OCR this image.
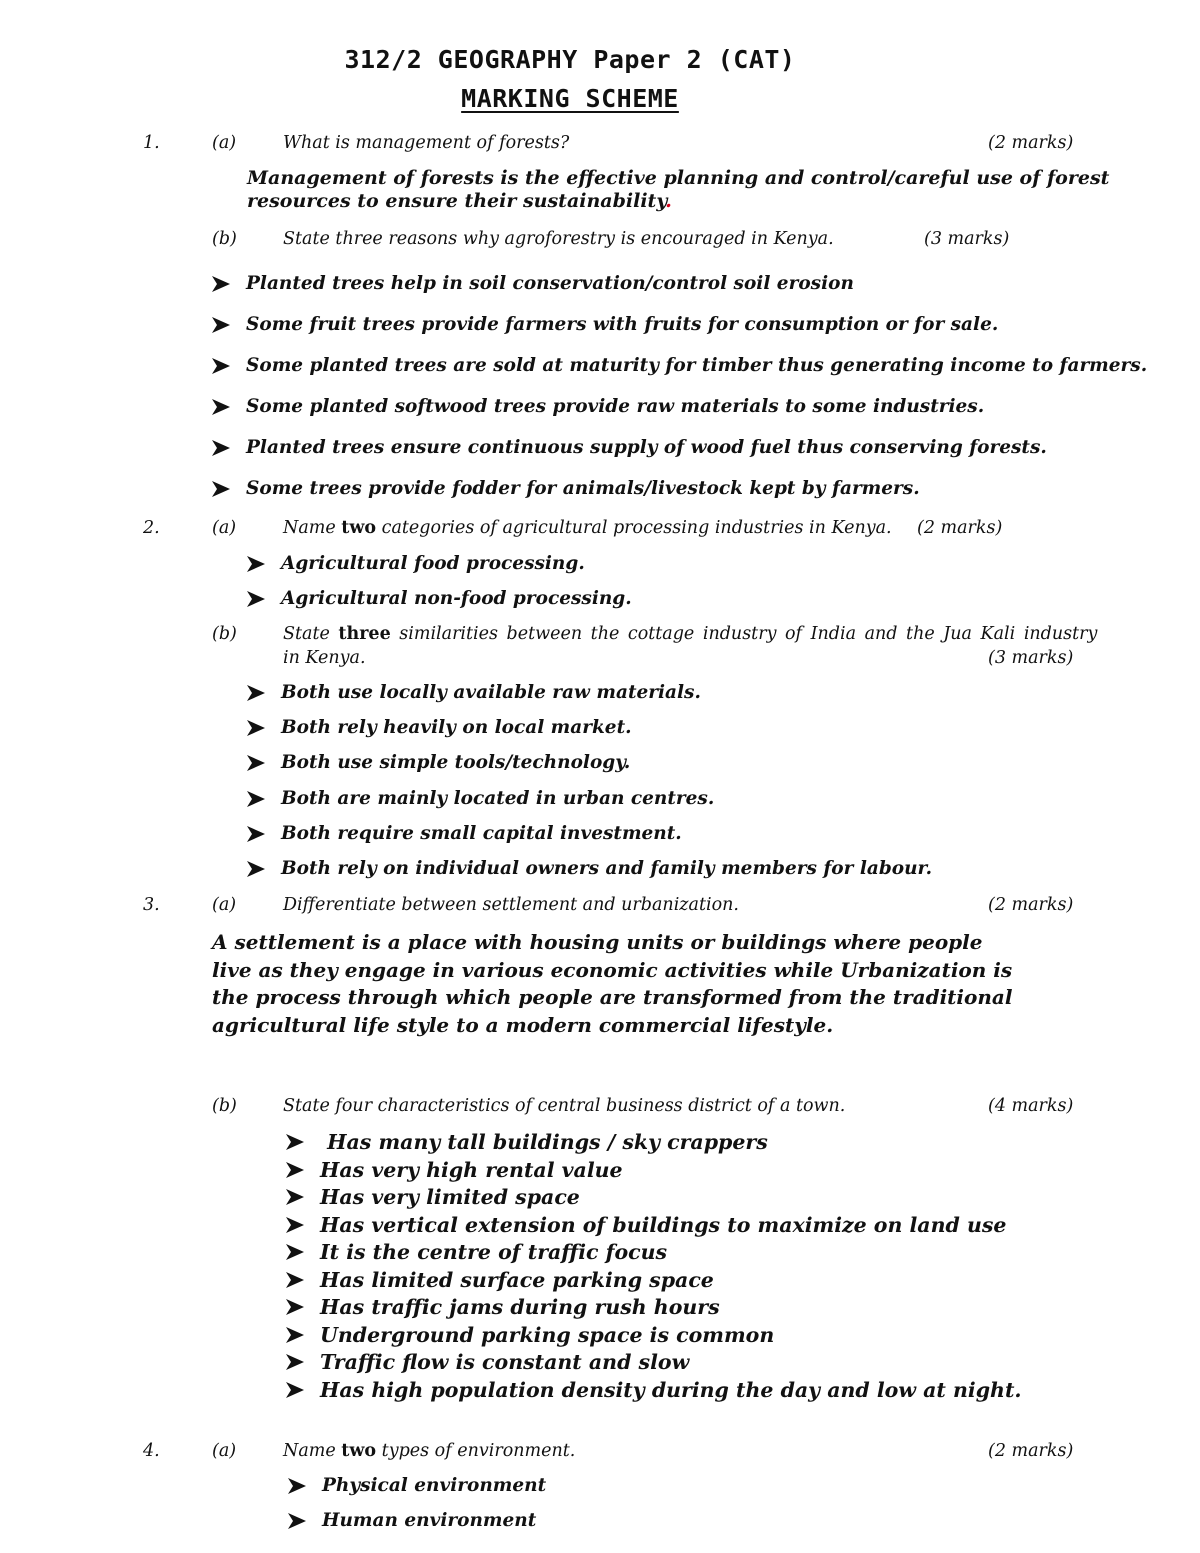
312/2 GEOGRAPHY Paper 2 (CAT)
MARKING SCHEME
1.	(a)	What is management of forests?	(2 marks)
Management of forests is the effective planning and control/careful use of forest resources to ensure their sustainability.
(b)	State three reasons why agroforestry is encouraged in Kenya.	(3 marks)
Planted trees help in soil conservation/control soil erosion
Some fruit trees provide farmers with fruits for consumption or for sale.
Some planted trees are sold at maturity for timber thus generating income to farmers.
Some planted softwood trees provide raw materials to some industries.
Planted trees ensure continuous supply of wood fuel thus conserving forests.
Some trees provide fodder for animals/livestock kept by farmers.
2.	(a)	Name two categories of agricultural processing industries in Kenya. (2 marks)
Agricultural food processing.
Agricultural non-food processing.
(b)	State three similarities between the cottage industry of India and the Jua Kali industry
in Kenya.	(3 marks)
Both use locally available raw materials.
Both rely heavily on local market.
Both use simple tools/technology.
Both are mainly located in urban centres.
Both require small capital investment.
Both rely on individual owners and family members for labour.
3.	(a)	Differentiate between settlement and urbanization.	(2 marks)
A settlement is a place with housing units or buildings where people live as they engage in various economic activities while Urbanization is the process through which people are transformed from the traditional agricultural life style to a modern commercial lifestyle.
(b)	State four characteristics of central business district of a town.	(4 marks)
Has many tall buildings / sky crappers
Has very high rental value
Has very limited space
Has vertical extension of buildings to maximize on land use
It is the centre of traffic focus
Has limited surface parking space
Has traffic jams during rush hours
Underground parking space is common
Traffic flow is constant and slow
Has high population density during the day and low at night.
4.	(a)	Name two types of environment.	(2 marks)
Physical environment
Human environment
